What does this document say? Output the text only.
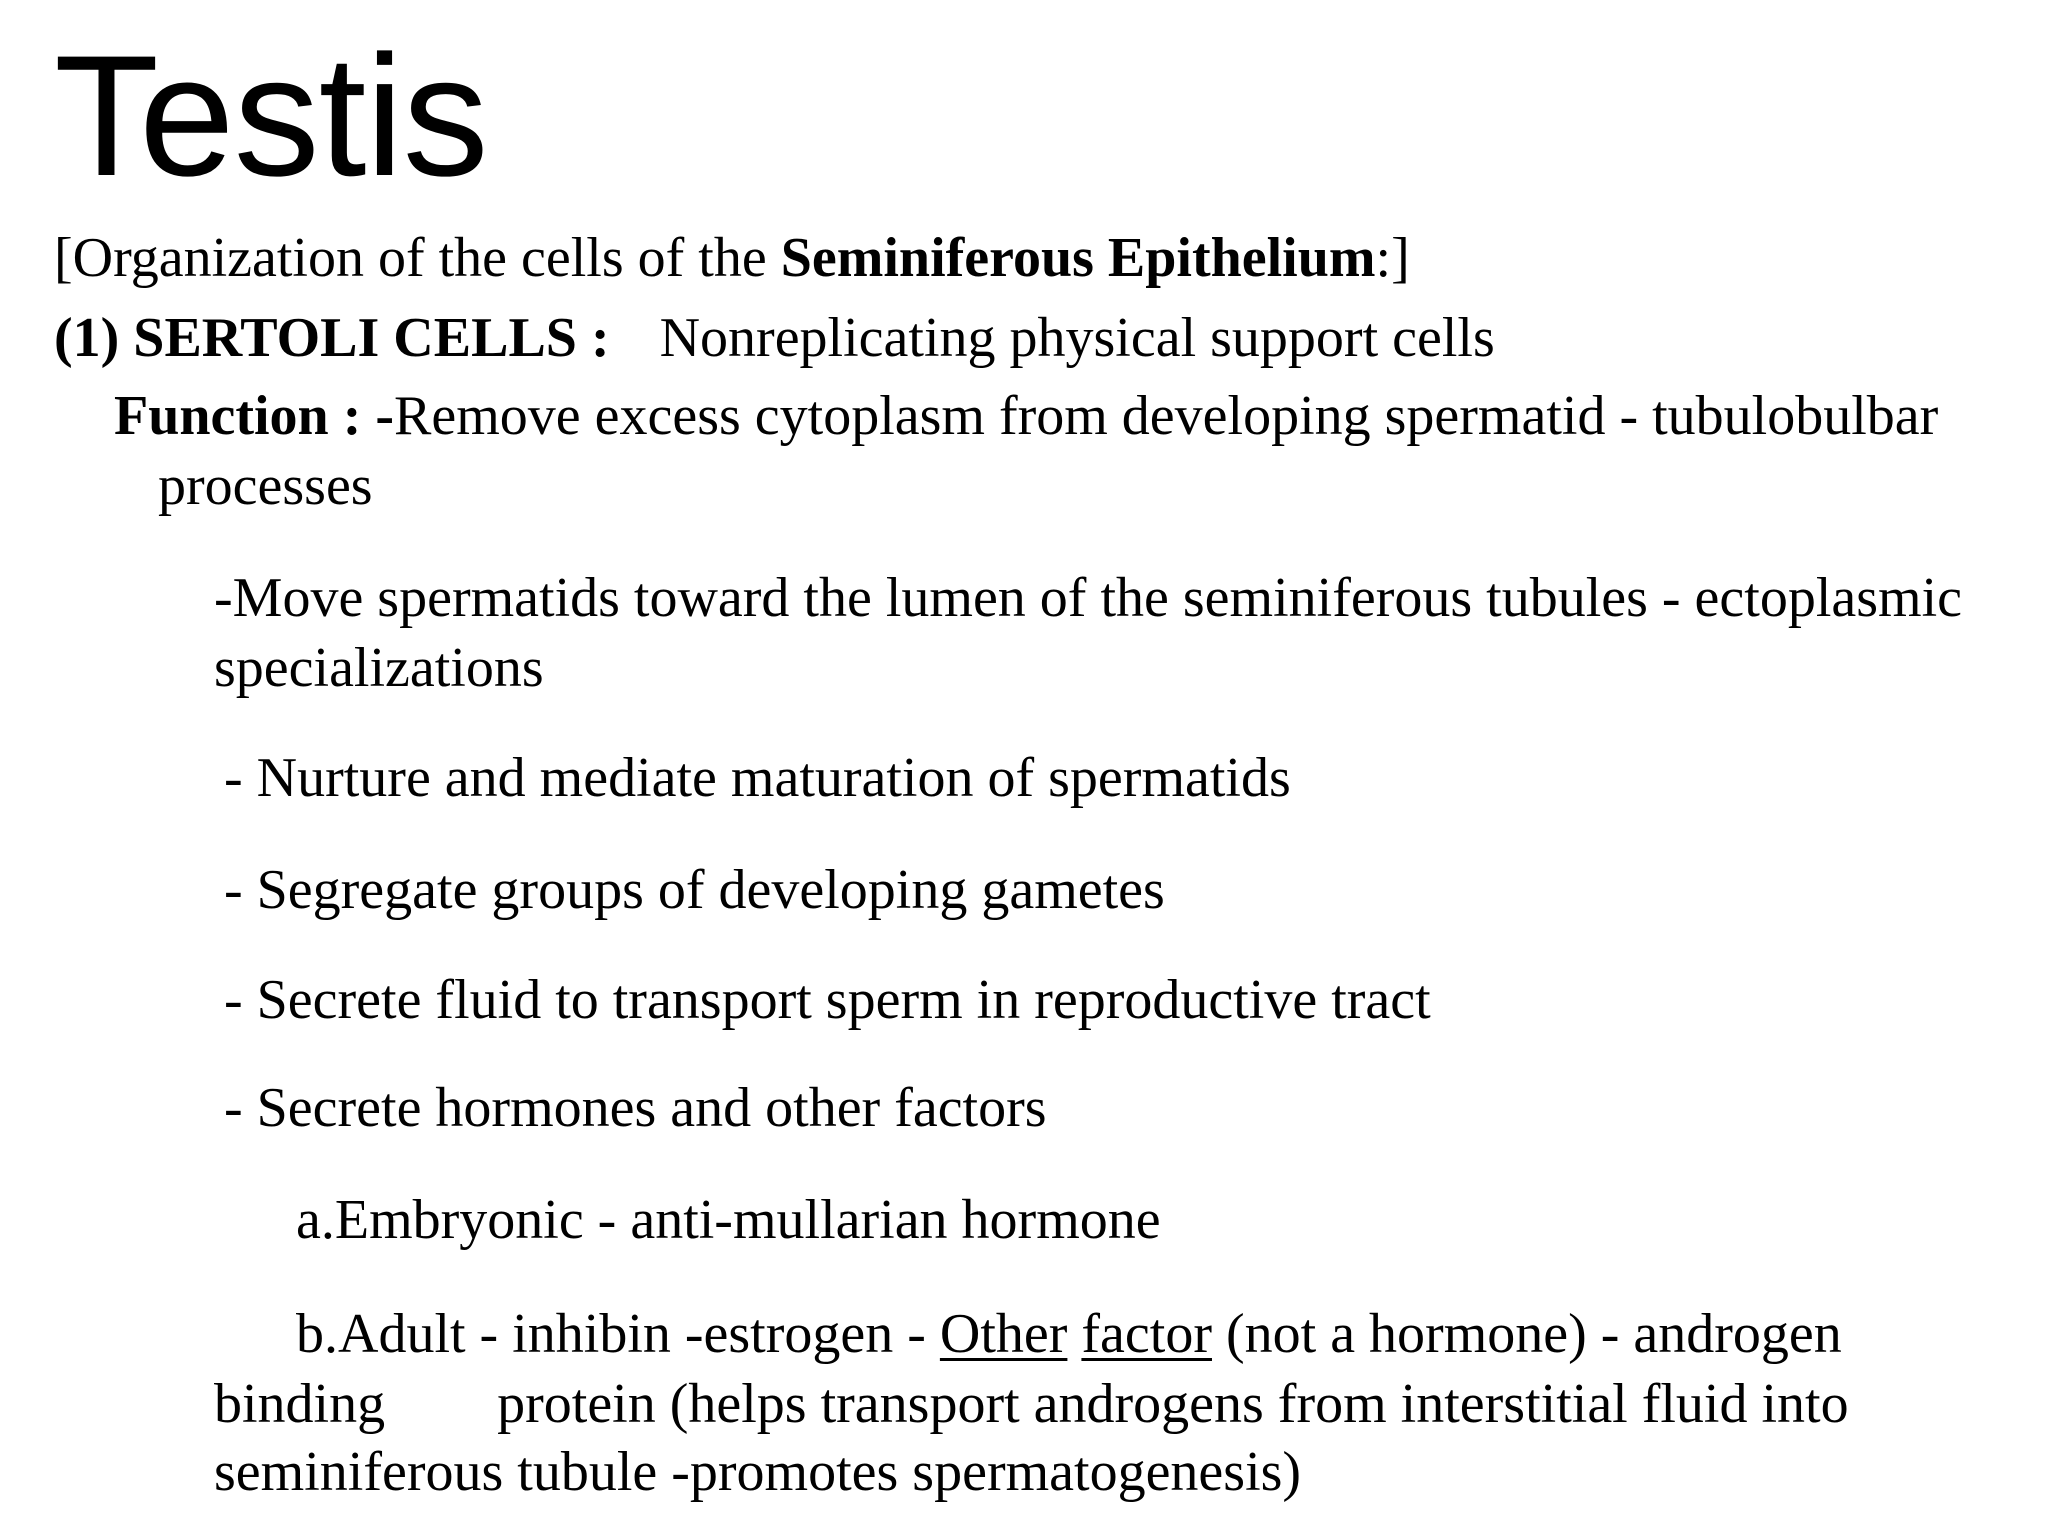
Testis

[Organization of the cells of the Seminiferous Epithelium:]

(1) SERTOLI CELLS : Nonreplicating physical support cells

Function : -Remove excess cytoplasm from developing spermatid - tubulobulbar

processes

-Move spermatids toward the lumen of the seminiferous tubules - ectoplasmic

specializations

- Nurture and mediate maturation of spermatids

- Segregate groups of developing gametes

- Secrete fluid to transport sperm in reproductive tract

- Secrete hormones and other factors

a.Embryonic - anti-mullarian hormone

b.Adult - inhibin -estrogen - Other factor (not a hormone) - androgen

binding        protein (helps transport androgens from interstitial fluid into

seminiferous tubule -promotes spermatogenesis)
